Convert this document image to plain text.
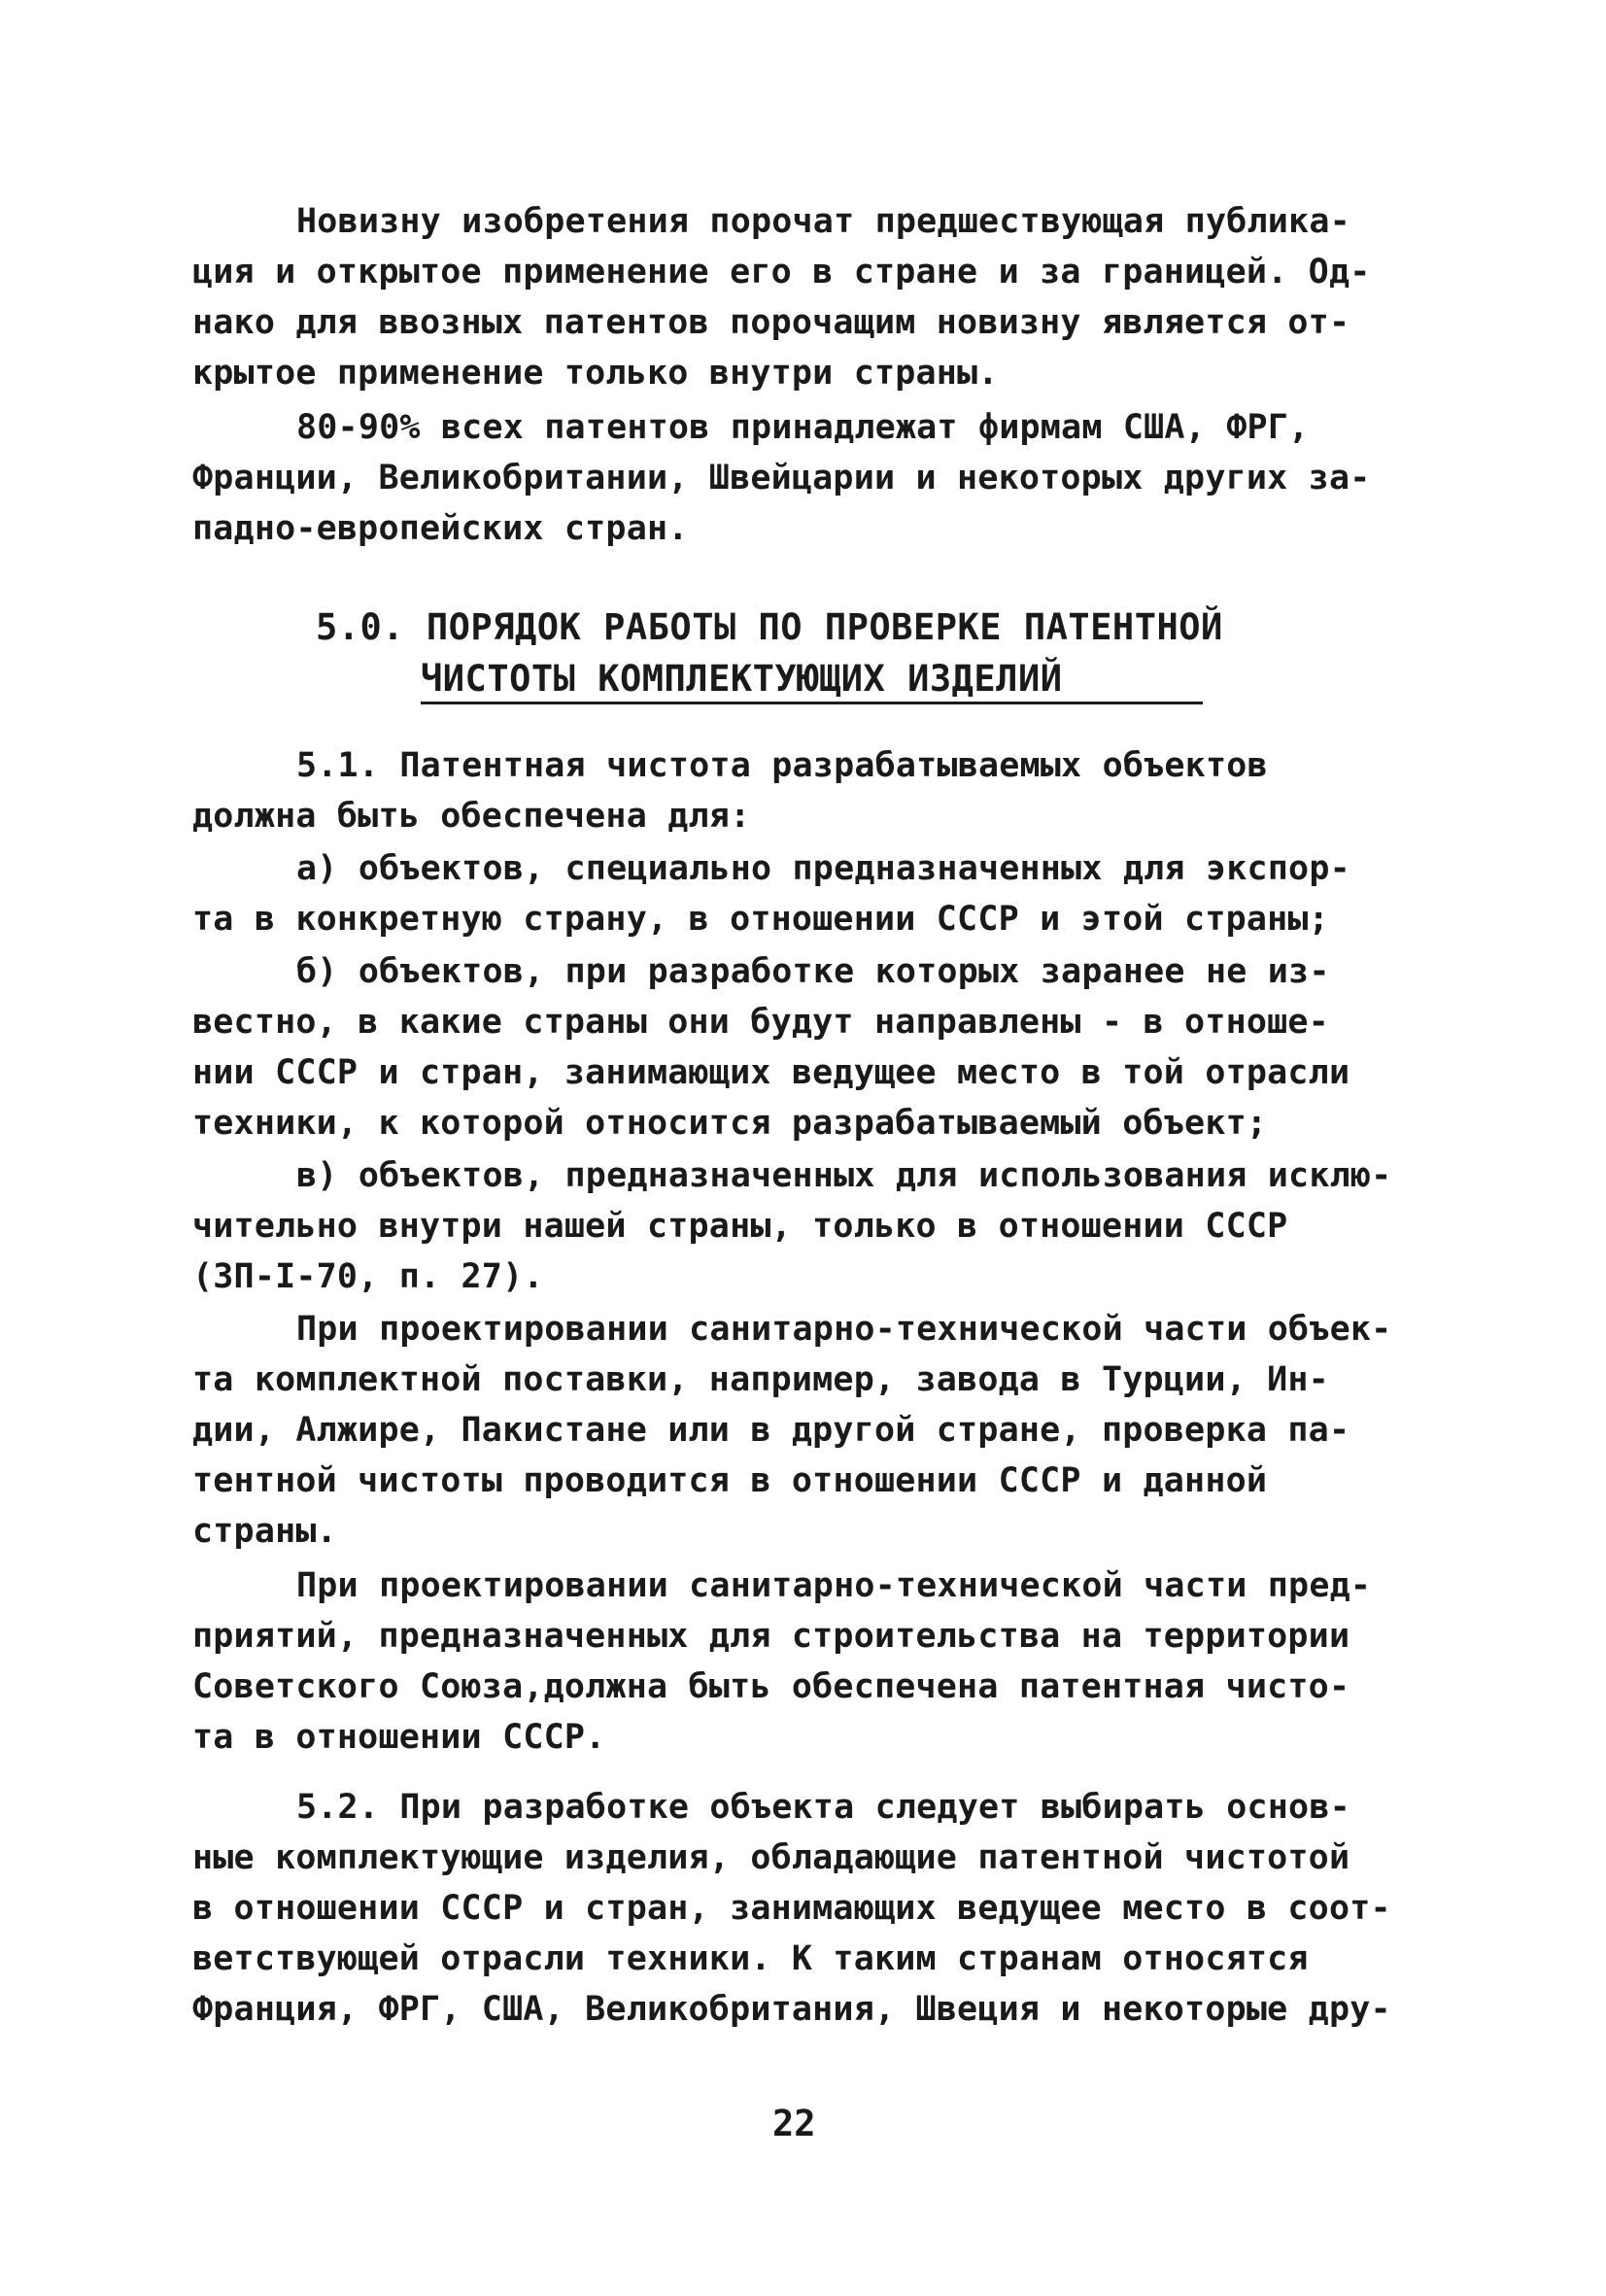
Новизну изобретения порочат предшествующая публика-
ция и открытое применение его в стране и за границей. Од-
нако для ввозных патентов порочащим новизну является от-
крытое применение только внутри страны.
80-90% всех патентов принадлежат фирмам США, ФРГ,
Франции, Великобритании, Швейцарии и некоторых других за-
падно-европейских стран.
5.0. ПОРЯДОК РАБОТЫ ПО ПРОВЕРКЕ ПАТЕНТНОЙ
ЧИСТОТЫ КОМПЛЕКТУЮЩИХ ИЗДЕЛИЙ
5.1. Патентная чистота разрабатываемых объектов
должна быть обеспечена для:
а) объектов, специально предназначенных для экспор-
та в конкретную страну, в отношении СССР и этой страны;
б) объектов, при разработке которых заранее не из-
вестно, в какие страны они будут направлены - в отноше-
нии СССР и стран, занимающих ведущее место в той отрасли
техники, к которой относится разрабатываемый объект;
в) объектов, предназначенных для использования исклю-
чительно внутри нашей страны, только в отношении СССР
(ЗП-I-70, п. 27).
При проектировании санитарно-технической части объек-
та комплектной поставки, например, завода в Турции, Ин-
дии, Алжире, Пакистане или в другой стране, проверка па-
тентной чистоты проводится в отношении СССР и данной
страны.
При проектировании санитарно-технической части пред-
приятий, предназначенных для строительства на территории
Советского Союза,должна быть обеспечена патентная чисто-
та в отношении СССР.
5.2. При разработке объекта следует выбирать основ-
ные комплектующие изделия, обладающие патентной чистотой
в отношении СССР и стран, занимающих ведущее место в соот-
ветствующей отрасли техники. К таким странам относятся
Франция, ФРГ, США, Великобритания, Швеция и некоторые дру-
22
